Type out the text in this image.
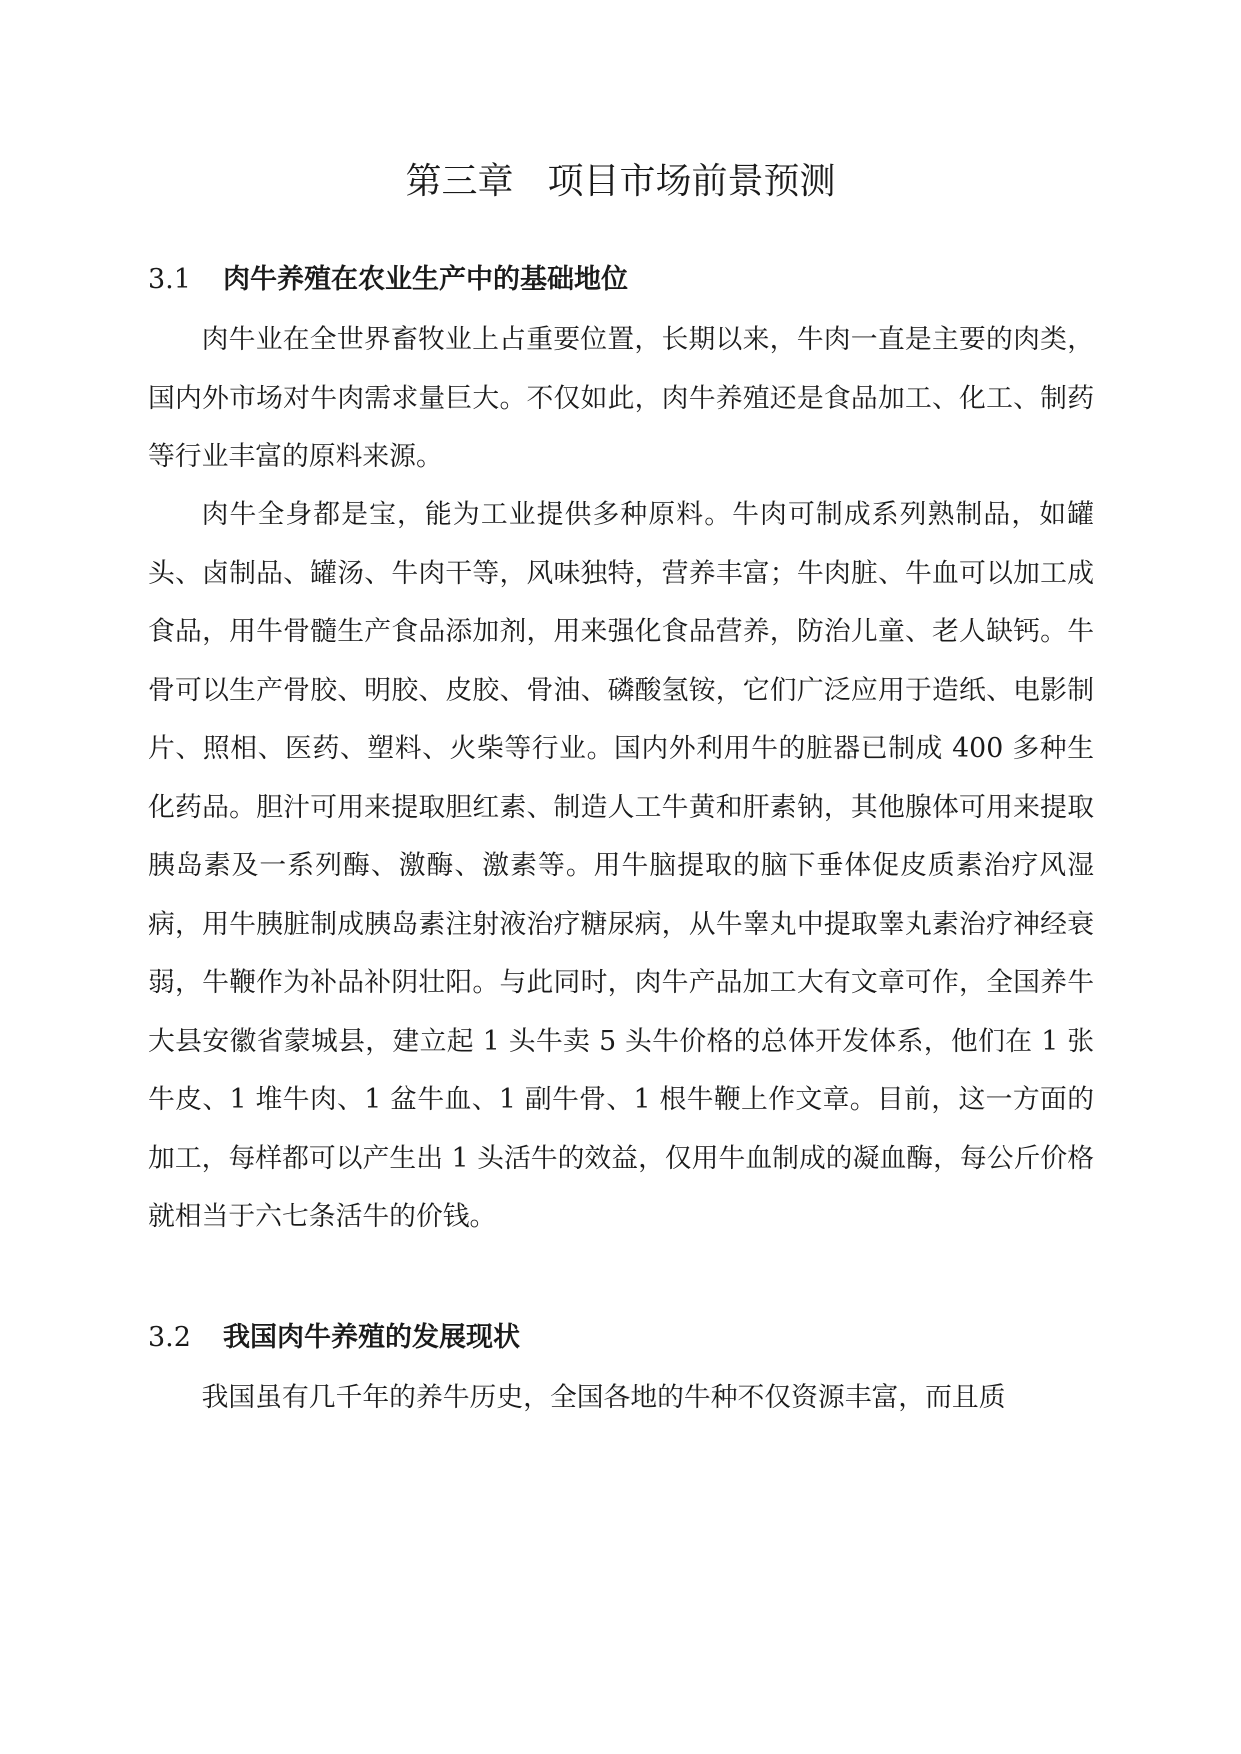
第三章 项目市场前景预测
3.1 肉牛养殖在农业生产中的基础地位

肉牛业在全世界畜牧业上占重要位置，长期以来，牛肉一直是主要的肉类，国内外市场对牛肉需求量巨大。不仅如此，肉牛养殖还是食品加工、化工、制药等行业丰富的原料来源。

肉牛全身都是宝，能为工业提供多种原料。牛肉可制成系列熟制品，如罐头、卤制品、罐汤、牛肉干等，风味独特，营养丰富；牛肉脏、牛血可以加工成食品，用牛骨髓生产食品添加剂，用来强化食品营养，防治儿童、老人缺钙。牛骨可以生产骨胶、明胶、皮胶、骨油、磷酸氢铵，它们广泛应用于造纸、电影制片、照相、医药、塑料、火柴等行业。国内外利用牛的脏器已制成 400 多种生化药品。胆汁可用来提取胆红素、制造人工牛黄和肝素钠，其他腺体可用来提取胰岛素及一系列酶、激酶、激素等。用牛脑提取的脑下垂体促皮质素治疗风湿病，用牛胰脏制成胰岛素注射液治疗糖尿病，从牛睾丸中提取睾丸素治疗神经衰弱，牛鞭作为补品补阴壮阳。与此同时，肉牛产品加工大有文章可作，全国养牛大县安徽省蒙城县，建立起 1 头牛卖 5 头牛价格的总体开发体系，他们在 1 张牛皮、1 堆牛肉、1 盆牛血、1 副牛骨、1 根牛鞭上作文章。目前，这一方面的加工，每样都可以产生出 1 头活牛的效益，仅用牛血制成的凝血酶，每公斤价格就相当于六七条活牛的价钱。

3.2 我国肉牛养殖的发展现状

我国虽有几千年的养牛历史，全国各地的牛种不仅资源丰富，而且质
